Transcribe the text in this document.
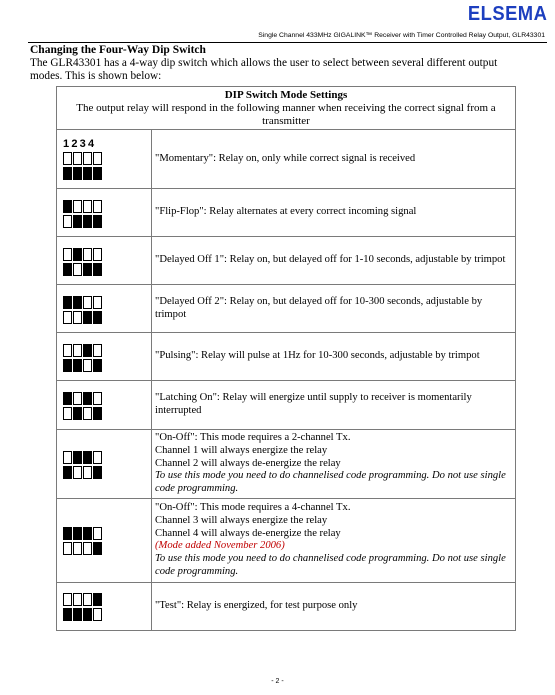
ELSEMA
Single Channel 433MHz GIGALINK™ Receiver with Timer Controlled Relay Output, GLR43301
Changing the Four-Way Dip Switch
The GLR43301 has a 4-way dip switch which allows the user to select between several different output modes. This is shown below:
DIP Switch Mode Settings
The output relay will respond in the following manner when receiving the correct signal from a transmitter	

1234	"Momentary": Relay on, only while correct signal is received

	"Flip-Flop": Relay alternates at every correct incoming signal

	"Delayed Off 1": Relay on, but delayed off for 1-10 seconds, adjustable by trimpot

	"Delayed Off 2": Relay on, but delayed off for 10-300 seconds, adjustable by trimpot

	"Pulsing": Relay will pulse at 1Hz for 10-300 seconds, adjustable by trimpot

	"Latching On": Relay will energize until supply to receiver is momentarily interrupted

	"On-Off": This mode requires a 2-channel Tx.
Channel 1 will always energize the relay
Channel 2 will always de-energize the relay
To use this mode you need to do channelised code programming. Do not use single code programming.

	"On-Off": This mode requires a 4-channel Tx.
Channel 3 will always energize the relay
Channel 4 will always de-energize the relay
(Mode added November 2006)
To use this mode you need to do channelised code programming. Do not use single code programming.

	"Test": Relay is energized, for test purpose only
- 2 -
